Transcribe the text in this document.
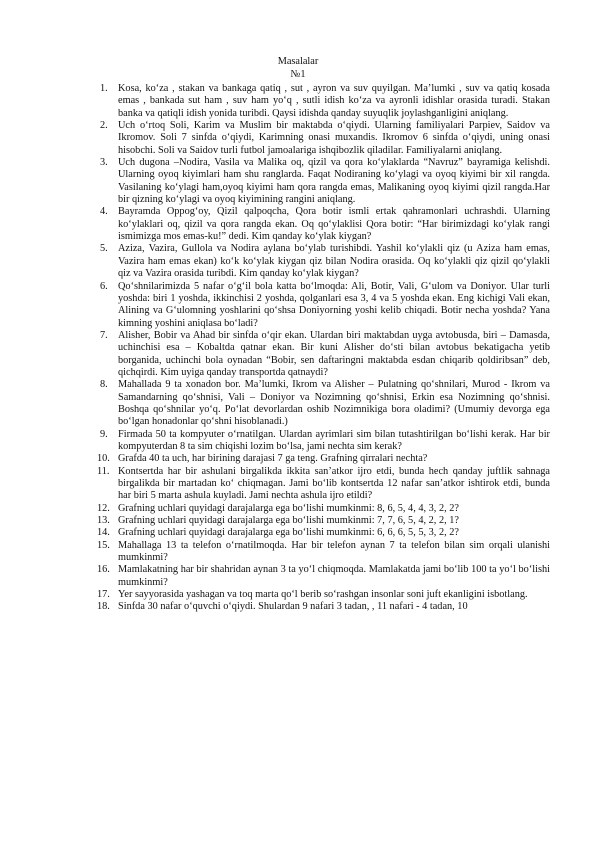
Masalalar
№1
1. Kosa, ko‘za , stakan va bankaga qatiq , sut , ayron va suv quyilgan. Ma’lumki , suv va qatiq kosada emas , bankada sut ham , suv ham yo‘q , sutli idish ko‘za va ayronli idishlar orasida turadi. Stakan banka va qatiqli idish yonida turibdi. Qaysi idishda qanday suyuqlik joylashganligini aniqlang.
2. Uch o‘rtoq Soli, Karim va Muslim bir maktabda o‘qiydi. Ularning familiyalari Parpiev, Saidov va Ikromov. Soli 7 sinfda o‘qiydi, Karimning onasi muxandis. Ikromov 6 sinfda o‘qiydi, uning onasi hisobchi. Soli va Saidov turli futbol jamoalariga ishqibozlik qiladilar. Familiyalarni aniqlang.
3. Uch dugona –Nodira, Vasila va Malika oq, qizil va qora ko‘ylaklarda “Navruz” bayramiga kelishdi. Ularning oyoq kiyimlari ham shu ranglarda. Faqat Nodiraning ko‘ylagi va oyoq kiyimi bir xil rangda. Vasilaning ko‘ylagi ham,oyoq kiyimi ham qora rangda emas, Malikaning oyoq kiyimi qizil rangda.Har bir qizning ko‘ylagi va oyoq kiyimining rangini aniqlang.
4. Bayramda Oppog‘oy, Qizil qalpoqcha, Qora botir ismli ertak qahramonlari uchrashdi. Ularning ko‘ylaklari oq, qizil va qora rangda ekan. Oq qo‘ylaklisi Qora botir: “Har birimizdagi ko‘ylak rangi ismimizga mos emas-ku!” dedi. Kim qanday ko‘ylak kiygan?
5. Aziza, Vazira, Gullola va Nodira aylana bo‘ylab turishibdi. Yashil ko‘ylakli qiz (u Aziza ham emas, Vazira ham emas ekan) ko‘k ko‘ylak kiygan qiz bilan Nodira orasida. Oq ko‘ylakli qiz qizil qo‘ylakli qiz va Vazira orasida turibdi. Kim qanday ko‘ylak kiygan?
6. Qo‘shnilarimizda 5 nafar o‘g‘il bola katta bo‘lmoqda: Ali, Botir, Vali, G‘ulom va Doniyor. Ular turli yoshda: biri 1 yoshda, ikkinchisi 2 yoshda, qolganlari esa 3, 4 va 5 yoshda ekan. Eng kichigi Vali ekan, Alining va G‘ulomning yoshlarini qo‘shsa Doniyorning yoshi kelib chiqadi. Botir necha yoshda? Yana kimning yoshini aniqlasa bo‘ladi?
7. Alisher, Bobir va Ahad bir sinfda o‘qir ekan. Ulardan biri maktabdan uyga avtobusda, biri – Damasda, uchinchisi esa – Kobaltda qatnar ekan. Bir kuni Alisher do‘sti bilan avtobus bekatigacha yetib borganida, uchinchi bola oynadan “Bobir, sen daftaringni maktabda esdan chiqarib qoldiribsan” deb, qichqirdi. Kim uyiga qanday transportda qatnaydi?
8. Mahallada 9 ta xonadon bor. Ma’lumki, Ikrom va Alisher – Pulatning qo‘shnilari, Murod - Ikrom va Samandarning qo‘shnisi, Vali – Doniyor va Nozimning qo‘shnisi, Erkin esa Nozimning qo‘shnisi. Boshqa qo‘shnilar yo‘q. Po‘lat devorlardan oshib Nozimnikiga bora oladimi? (Umumiy devorga ega bo‘lgan honadonlar qo‘shni hisoblanadi.)
9. Firmada 50 ta kompyuter o‘rnatilgan. Ulardan ayrimlari sim bilan tutashtirilgan bo‘lishi kerak. Har bir kompyuterdan 8 ta sim chiqishi lozim bo‘lsa, jami nechta sim kerak?
10. Grafda 40 ta uch, har birining darajasi 7 ga teng. Grafning qirralari nechta?
11. Kontsertda har bir ashulani birgalikda ikkita san’atkor ijro etdi, bunda hech qanday juftlik sahnaga birgalikda bir martadan ko‘ chiqmagan. Jami bo‘lib kontsertda 12 nafar san’atkor ishtirok etdi, bunda har biri 5 marta ashula kuyladi. Jami nechta ashula ijro etildi?
12. Grafning uchlari quyidagi darajalarga ega bo‘lishi mumkinmi: 8, 6, 5, 4, 4, 3, 2, 2?
13. Grafning uchlari quyidagi darajalarga ega bo‘lishi mumkinmi: 7, 7, 6, 5, 4, 2, 2, 1?
14. Grafning uchlari quyidagi darajalarga ega bo‘lishi mumkinmi: 6, 6, 6, 5, 5, 3, 2, 2?
15. Mahallaga 13 ta telefon o‘rnatilmoqda. Har bir telefon aynan 7 ta telefon bilan sim orqali ulanishi mumkinmi?
16. Mamlakatning har bir shahridan aynan 3 ta yo‘l chiqmoqda. Mamlakatda jami bo‘lib 100 ta yo‘l bo‘lishi mumkinmi?
17. Yer sayyorasida yashagan va toq marta qo‘l berib so‘rashgan insonlar soni juft ekanligini isbotlang.
18. Sinfda 30 nafar o‘quvchi o‘qiydi. Shulardan 9 nafari 3 tadan, , 11 nafari - 4 tadan, 10
